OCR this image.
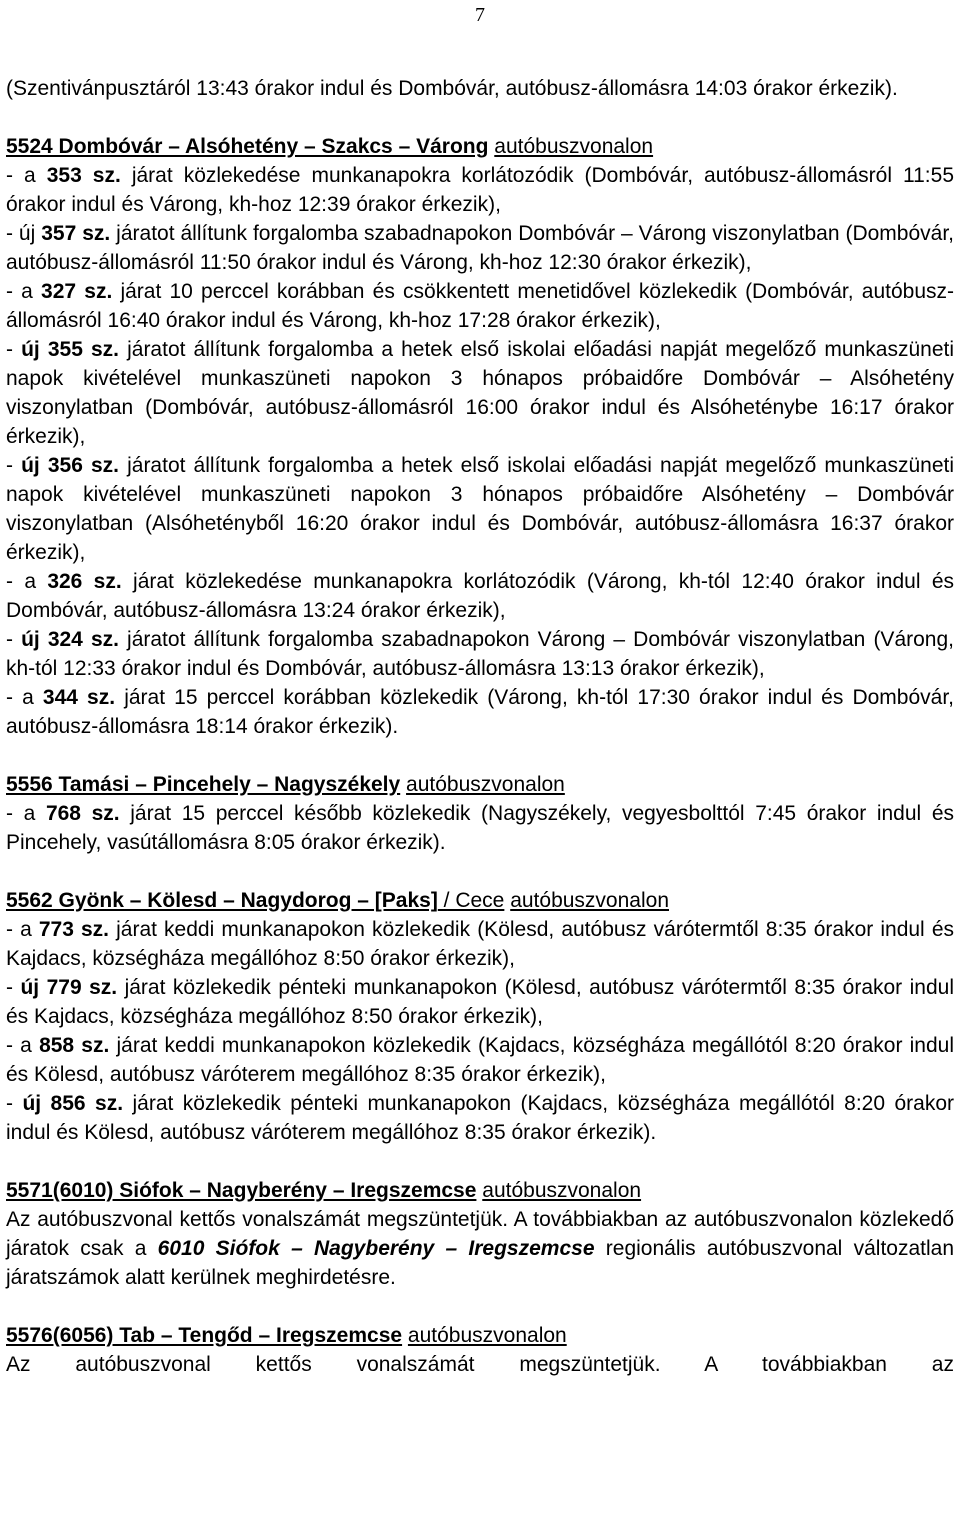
7
(Szentivánpusztáról 13:43 órakor indul és Dombóvár, autóbusz-állomásra 14:03 órakor érkezik).
5524 Dombóvár – Alsóhetény – Szakcs – Várong autóbuszvonalon
- a 353 sz. járat közlekedése munkanapokra korlátozódik (Dombóvár, autóbusz-állomásról 11:55 órakor indul és Várong, kh-hoz 12:39 órakor érkezik),
- új 357 sz. járatot állítunk forgalomba szabadnapokon Dombóvár – Várong viszonylatban (Dombóvár, autóbusz-állomásról 11:50 órakor indul és Várong, kh-hoz 12:30 órakor érkezik),
- a 327 sz. járat 10 perccel korábban és csökkentett menetidővel közlekedik (Dombóvár, autóbusz-állomásról 16:40 órakor indul és Várong, kh-hoz 17:28 órakor érkezik),
- új 355 sz. járatot állítunk forgalomba a hetek első iskolai előadási napját megelőző munkaszüneti napok kivételével munkaszüneti napokon 3 hónapos próbaidőre Dombóvár – Alsóhetény viszonylatban (Dombóvár, autóbusz-állomásról 16:00 órakor indul és Alsóheténybe 16:17 órakor érkezik),
- új 356 sz. járatot állítunk forgalomba a hetek első iskolai előadási napját megelőző munkaszüneti napok kivételével munkaszüneti napokon 3 hónapos próbaidőre Alsóhetény – Dombóvár viszonylatban (Alsóhetényből 16:20 órakor indul és Dombóvár, autóbusz-állomásra 16:37 órakor érkezik),
- a 326 sz. járat közlekedése munkanapokra korlátozódik (Várong, kh-tól 12:40 órakor indul és Dombóvár, autóbusz-állomásra 13:24 órakor érkezik),
- új 324 sz. járatot állítunk forgalomba szabadnapokon Várong – Dombóvár viszonylatban (Várong, kh-tól 12:33 órakor indul és Dombóvár, autóbusz-állomásra 13:13 órakor érkezik),
- a 344 sz. járat 15 perccel korábban közlekedik (Várong, kh-tól 17:30 órakor indul és Dombóvár, autóbusz-állomásra 18:14 órakor érkezik).
5556 Tamási – Pincehely – Nagyszékely autóbuszvonalon
- a 768 sz. járat 15 perccel később közlekedik (Nagyszékely, vegyesbolttól 7:45 órakor indul és Pincehely, vasútállomásra 8:05 órakor érkezik).
5562 Gyönk – Kölesd – Nagydorog – [Paks] / Cece autóbuszvonalon
- a 773 sz. járat keddi munkanapokon közlekedik (Kölesd, autóbusz várótermtől 8:35 órakor indul és Kajdacs, községháza megállóhoz 8:50 órakor érkezik),
- új 779 sz. járat közlekedik pénteki munkanapokon (Kölesd, autóbusz várótermtől 8:35 órakor indul és Kajdacs, községháza megállóhoz 8:50 órakor érkezik),
- a 858 sz. járat keddi munkanapokon közlekedik (Kajdacs, községháza megállótól 8:20 órakor indul és Kölesd, autóbusz váróterem megállóhoz 8:35 órakor érkezik),
- új 856 sz. járat közlekedik pénteki munkanapokon (Kajdacs, községháza megállótól 8:20 órakor indul és Kölesd, autóbusz váróterem megállóhoz 8:35 órakor érkezik).
5571(6010) Siófok – Nagyberény – Iregszemcse autóbuszvonalon
Az autóbuszvonal kettős vonalszámát megszüntetjük. A továbbiakban az autóbuszvonalon közlekedő járatok csak a 6010 Siófok – Nagyberény – Iregszemcse regionális autóbuszvonal változatlan járatszámok alatt kerülnek meghirdetésre.
5576(6056) Tab – Tengőd – Iregszemcse autóbuszvonalon
Az autóbuszvonal kettős vonalszámát megszüntetjük. A továbbiakban az
